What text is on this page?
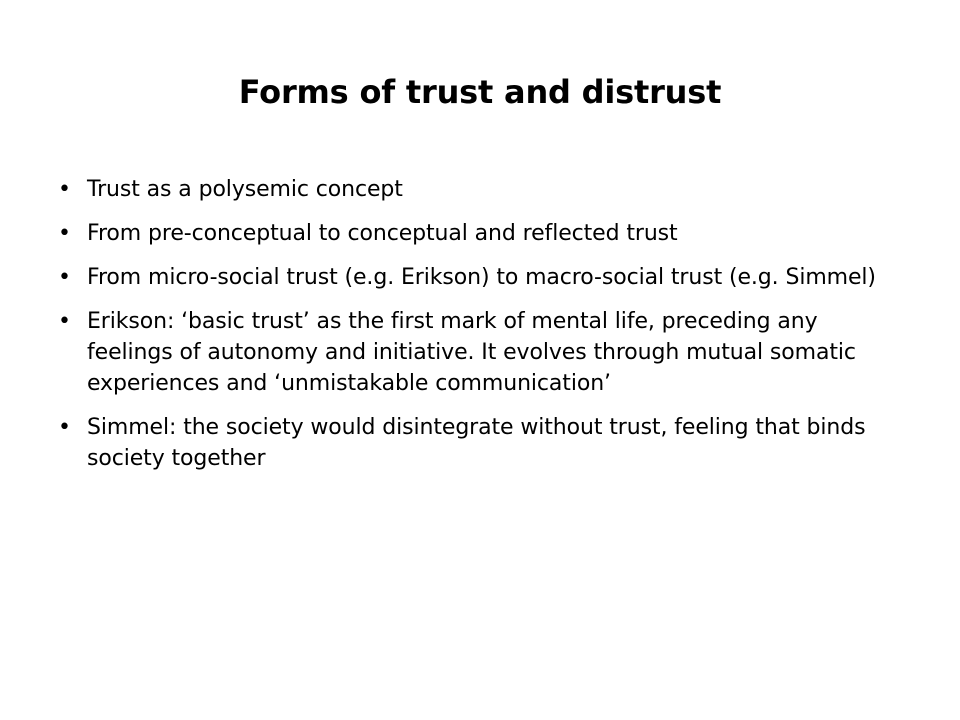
Forms of trust and distrust
• Trust as a polysemic concept
• From pre-conceptual to conceptual and reflected trust
• From micro-social trust (e.g. Erikson) to macro-social trust (e.g. Simmel)
• Erikson: ‘basic trust’ as the first mark of mental life, preceding any feelings of autonomy and initiative. It evolves through mutual somatic experiences and ‘unmistakable communication’
• Simmel: the society would disintegrate without trust, feeling that binds society together
